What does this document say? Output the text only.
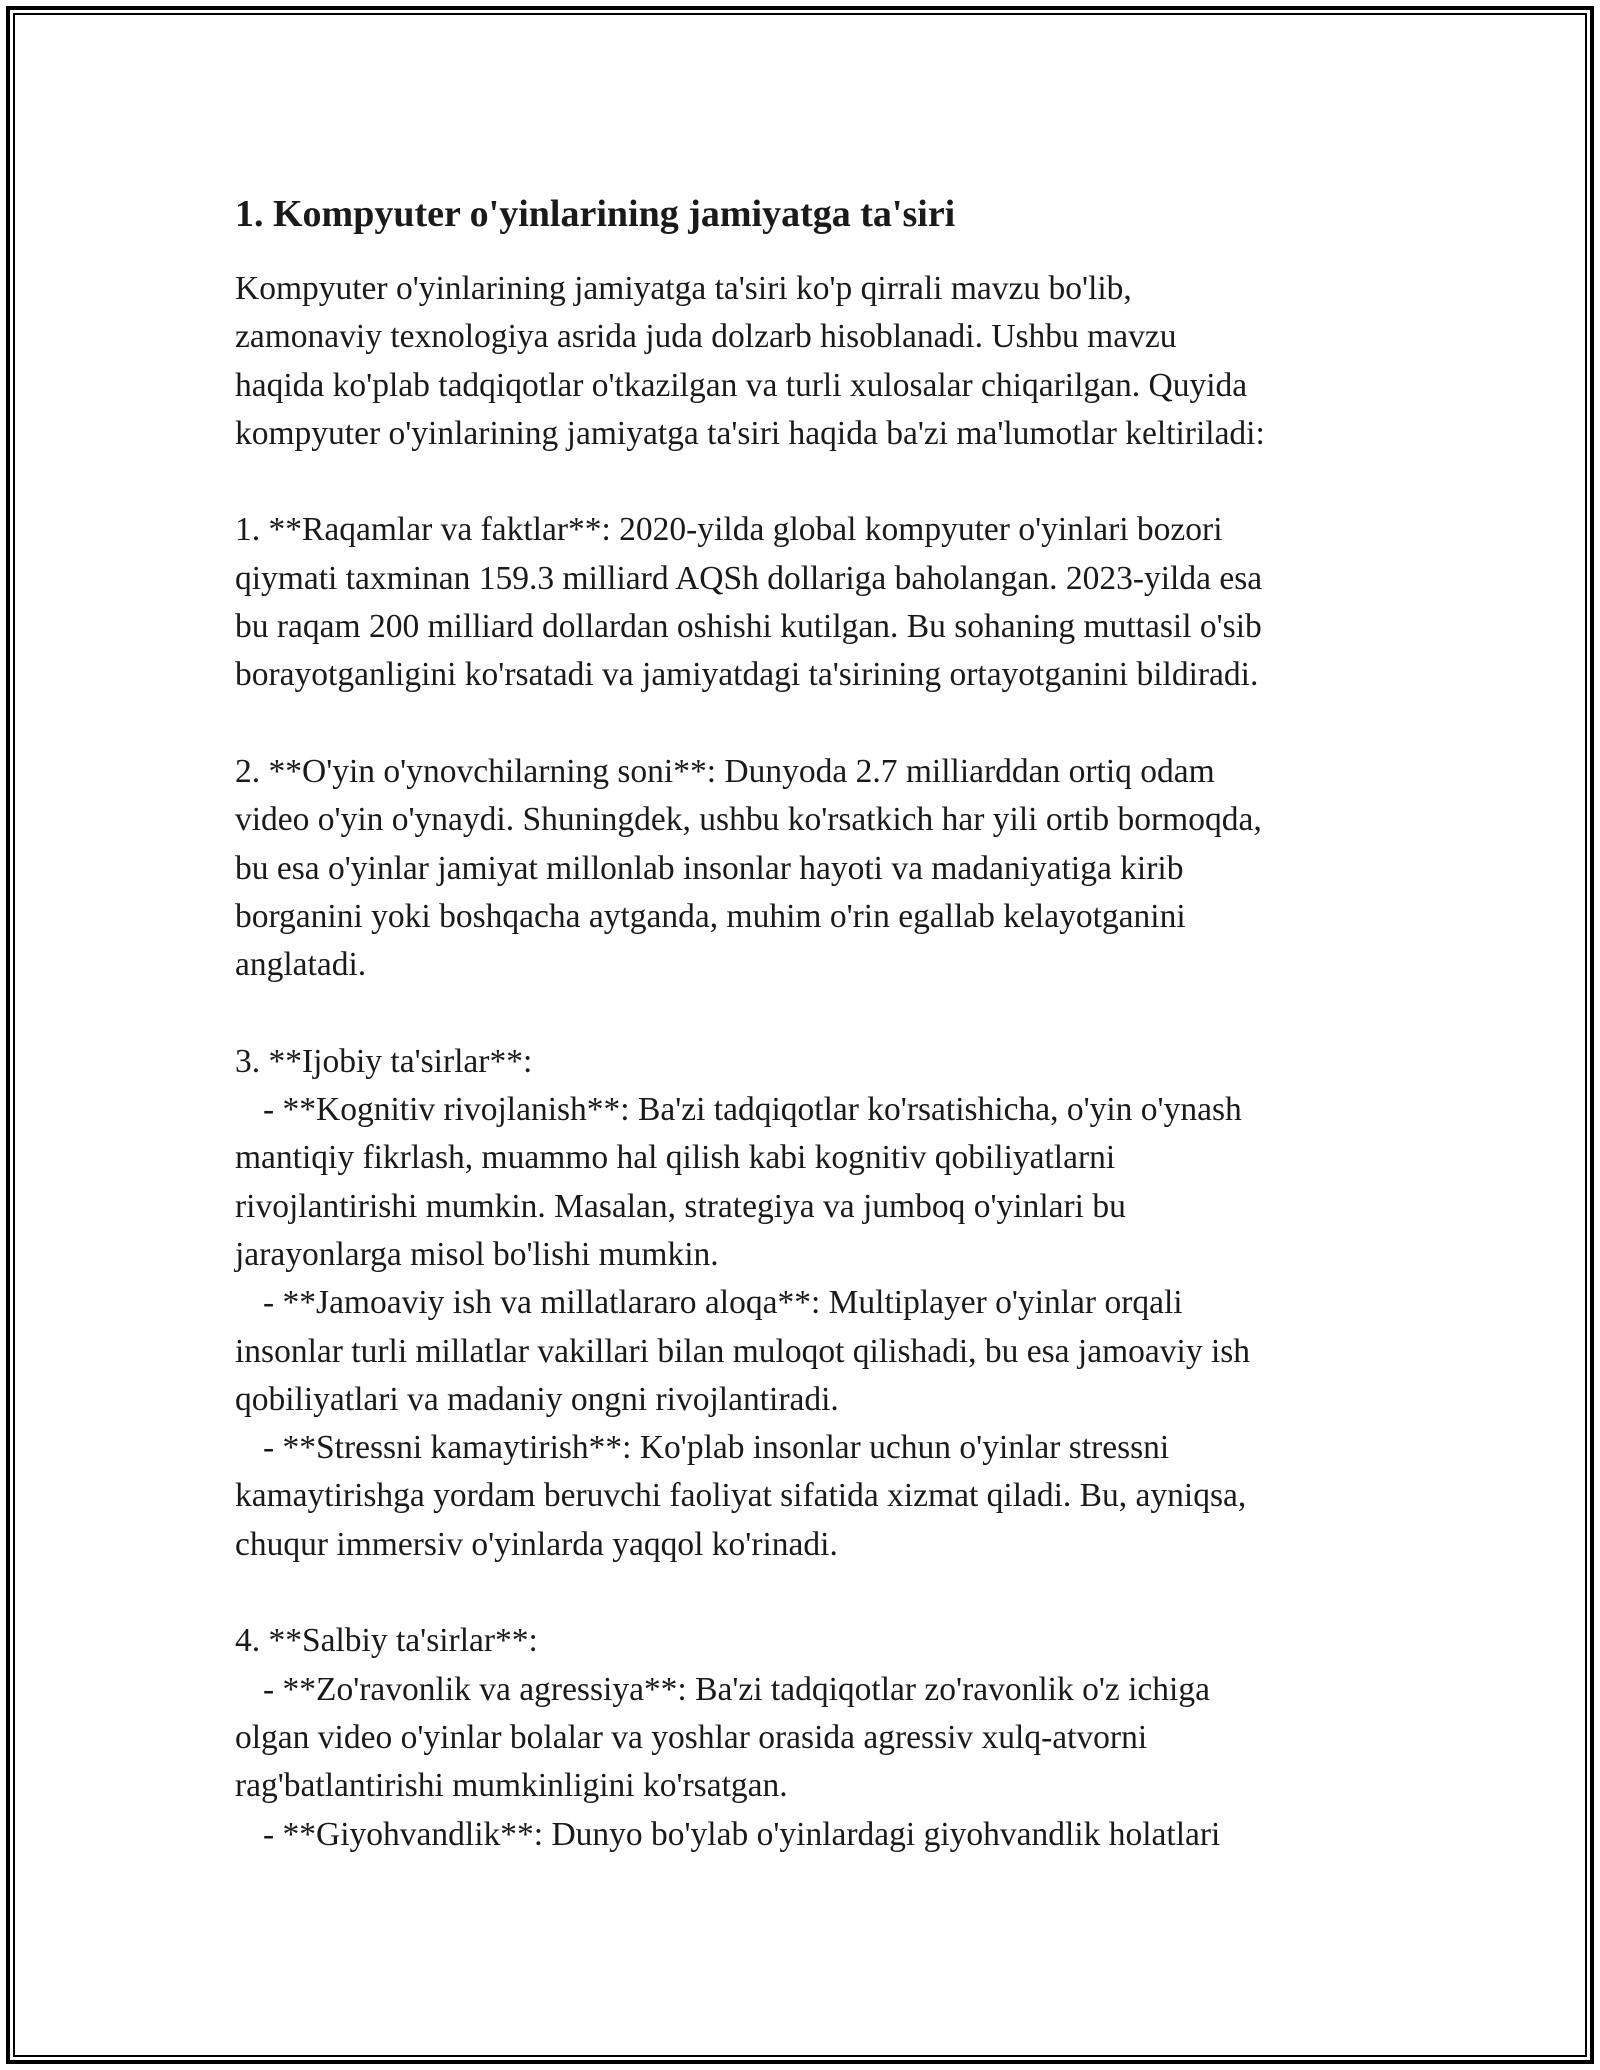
1. Kompyuter o'yinlarining jamiyatga ta'siri
Kompyuter o'yinlarining jamiyatga ta'siri ko'p qirrali mavzu bo'lib,
zamonaviy texnologiya asrida juda dolzarb hisoblanadi. Ushbu mavzu
haqida ko'plab tadqiqotlar o'tkazilgan va turli xulosalar chiqarilgan. Quyida
kompyuter o'yinlarining jamiyatga ta'siri haqida ba'zi ma'lumotlar keltiriladi:
1. **Raqamlar va faktlar**: 2020-yilda global kompyuter o'yinlari bozori
qiymati taxminan 159.3 milliard AQSh dollariga baholangan. 2023-yilda esa
bu raqam 200 milliard dollardan oshishi kutilgan. Bu sohaning muttasil o'sib
borayotganligini ko'rsatadi va jamiyatdagi ta'sirining ortayotganini bildiradi.
2. **O'yin o'ynovchilarning soni**: Dunyoda 2.7 milliarddan ortiq odam
video o'yin o'ynaydi. Shuningdek, ushbu ko'rsatkich har yili ortib bormoqda,
bu esa o'yinlar jamiyat millonlab insonlar hayoti va madaniyatiga kirib
borganini yoki boshqacha aytganda, muhim o'rin egallab kelayotganini
anglatadi.
3. **Ijobiy ta'sirlar**:
- **Kognitiv rivojlanish**: Ba'zi tadqiqotlar ko'rsatishicha, o'yin o'ynash
mantiqiy fikrlash, muammo hal qilish kabi kognitiv qobiliyatlarni
rivojlantirishi mumkin. Masalan, strategiya va jumboq o'yinlari bu
jarayonlarga misol bo'lishi mumkin.
- **Jamoaviy ish va millatlararo aloqa**: Multiplayer o'yinlar orqali
insonlar turli millatlar vakillari bilan muloqot qilishadi, bu esa jamoaviy ish
qobiliyatlari va madaniy ongni rivojlantiradi.
- **Stressni kamaytirish**: Ko'plab insonlar uchun o'yinlar stressni
kamaytirishga yordam beruvchi faoliyat sifatida xizmat qiladi. Bu, ayniqsa,
chuqur immersiv o'yinlarda yaqqol ko'rinadi.
4. **Salbiy ta'sirlar**:
- **Zo'ravonlik va agressiya**: Ba'zi tadqiqotlar zo'ravonlik o'z ichiga
olgan video o'yinlar bolalar va yoshlar orasida agressiv xulq-atvorni
rag'batlantirishi mumkinligini ko'rsatgan.
- **Giyohvandlik**: Dunyo bo'ylab o'yinlardagi giyohvandlik holatlari
